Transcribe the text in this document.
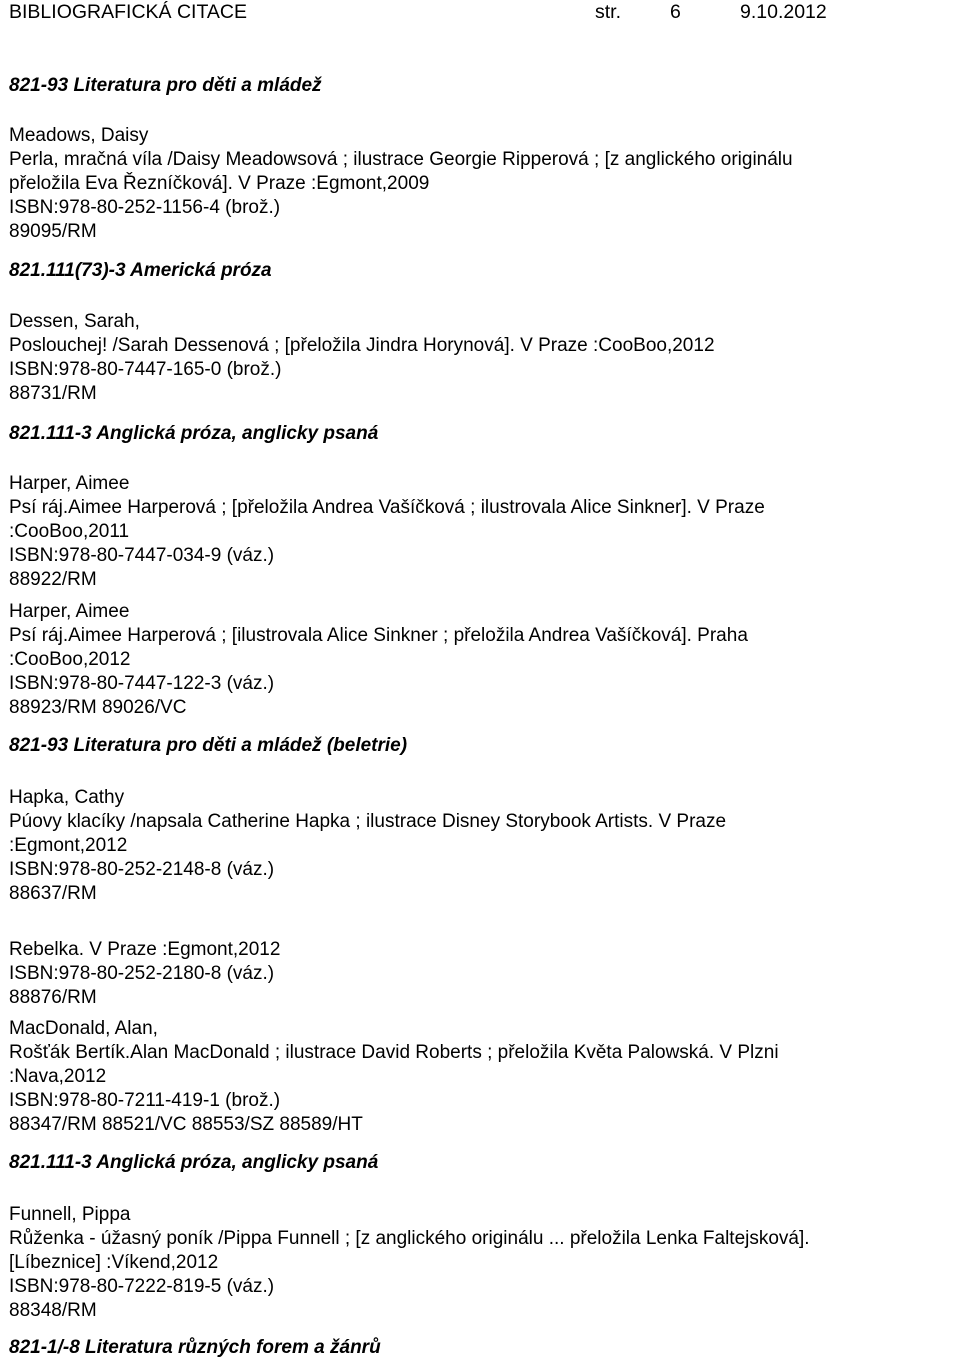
BIBLIOGRAFICKÁ CITACE	str.	6	9.10.2012
821-93 Literatura pro děti a mládež
Meadows, Daisy
Perla, mračná víla /Daisy Meadowsová ; ilustrace Georgie Ripperová ; [z anglického originálu
přeložila Eva Řezníčková]. V Praze :Egmont,2009
ISBN:978-80-252-1156-4 (brož.)
89095/RM
821.111(73)-3 Americká próza
Dessen, Sarah,
Poslouchej! /Sarah Dessenová ; [přeložila Jindra Horynová]. V Praze :CooBoo,2012
ISBN:978-80-7447-165-0 (brož.)
88731/RM
821.111-3 Anglická próza, anglicky psaná
Harper, Aimee
Psí ráj.Aimee Harperová ; [přeložila Andrea Vašíčková ; ilustrovala Alice Sinkner]. V Praze
:CooBoo,2011
ISBN:978-80-7447-034-9 (váz.)
88922/RM
Harper, Aimee
Psí ráj.Aimee Harperová ; [ilustrovala Alice Sinkner ; přeložila Andrea Vašíčková]. Praha
:CooBoo,2012
ISBN:978-80-7447-122-3 (váz.)
88923/RM 89026/VC
821-93 Literatura pro děti a mládež (beletrie)
Hapka, Cathy
Púovy klacíky /napsala Catherine Hapka ; ilustrace Disney Storybook Artists. V Praze
:Egmont,2012
ISBN:978-80-252-2148-8 (váz.)
88637/RM
Rebelka. V Praze :Egmont,2012
ISBN:978-80-252-2180-8 (váz.)
88876/RM
MacDonald, Alan,
Rošťák Bertík.Alan MacDonald ; ilustrace David Roberts ; přeložila Květa Palowská. V Plzni
:Nava,2012
ISBN:978-80-7211-419-1 (brož.)
88347/RM 88521/VC 88553/SZ 88589/HT
821.111-3 Anglická próza, anglicky psaná
Funnell, Pippa
Růženka - úžasný poník /Pippa Funnell ; [z anglického originálu ... přeložila Lenka Faltejsková].
[Líbeznice] :Víkend,2012
ISBN:978-80-7222-819-5 (váz.)
88348/RM
821-1/-8 Literatura různých forem a žánrů
